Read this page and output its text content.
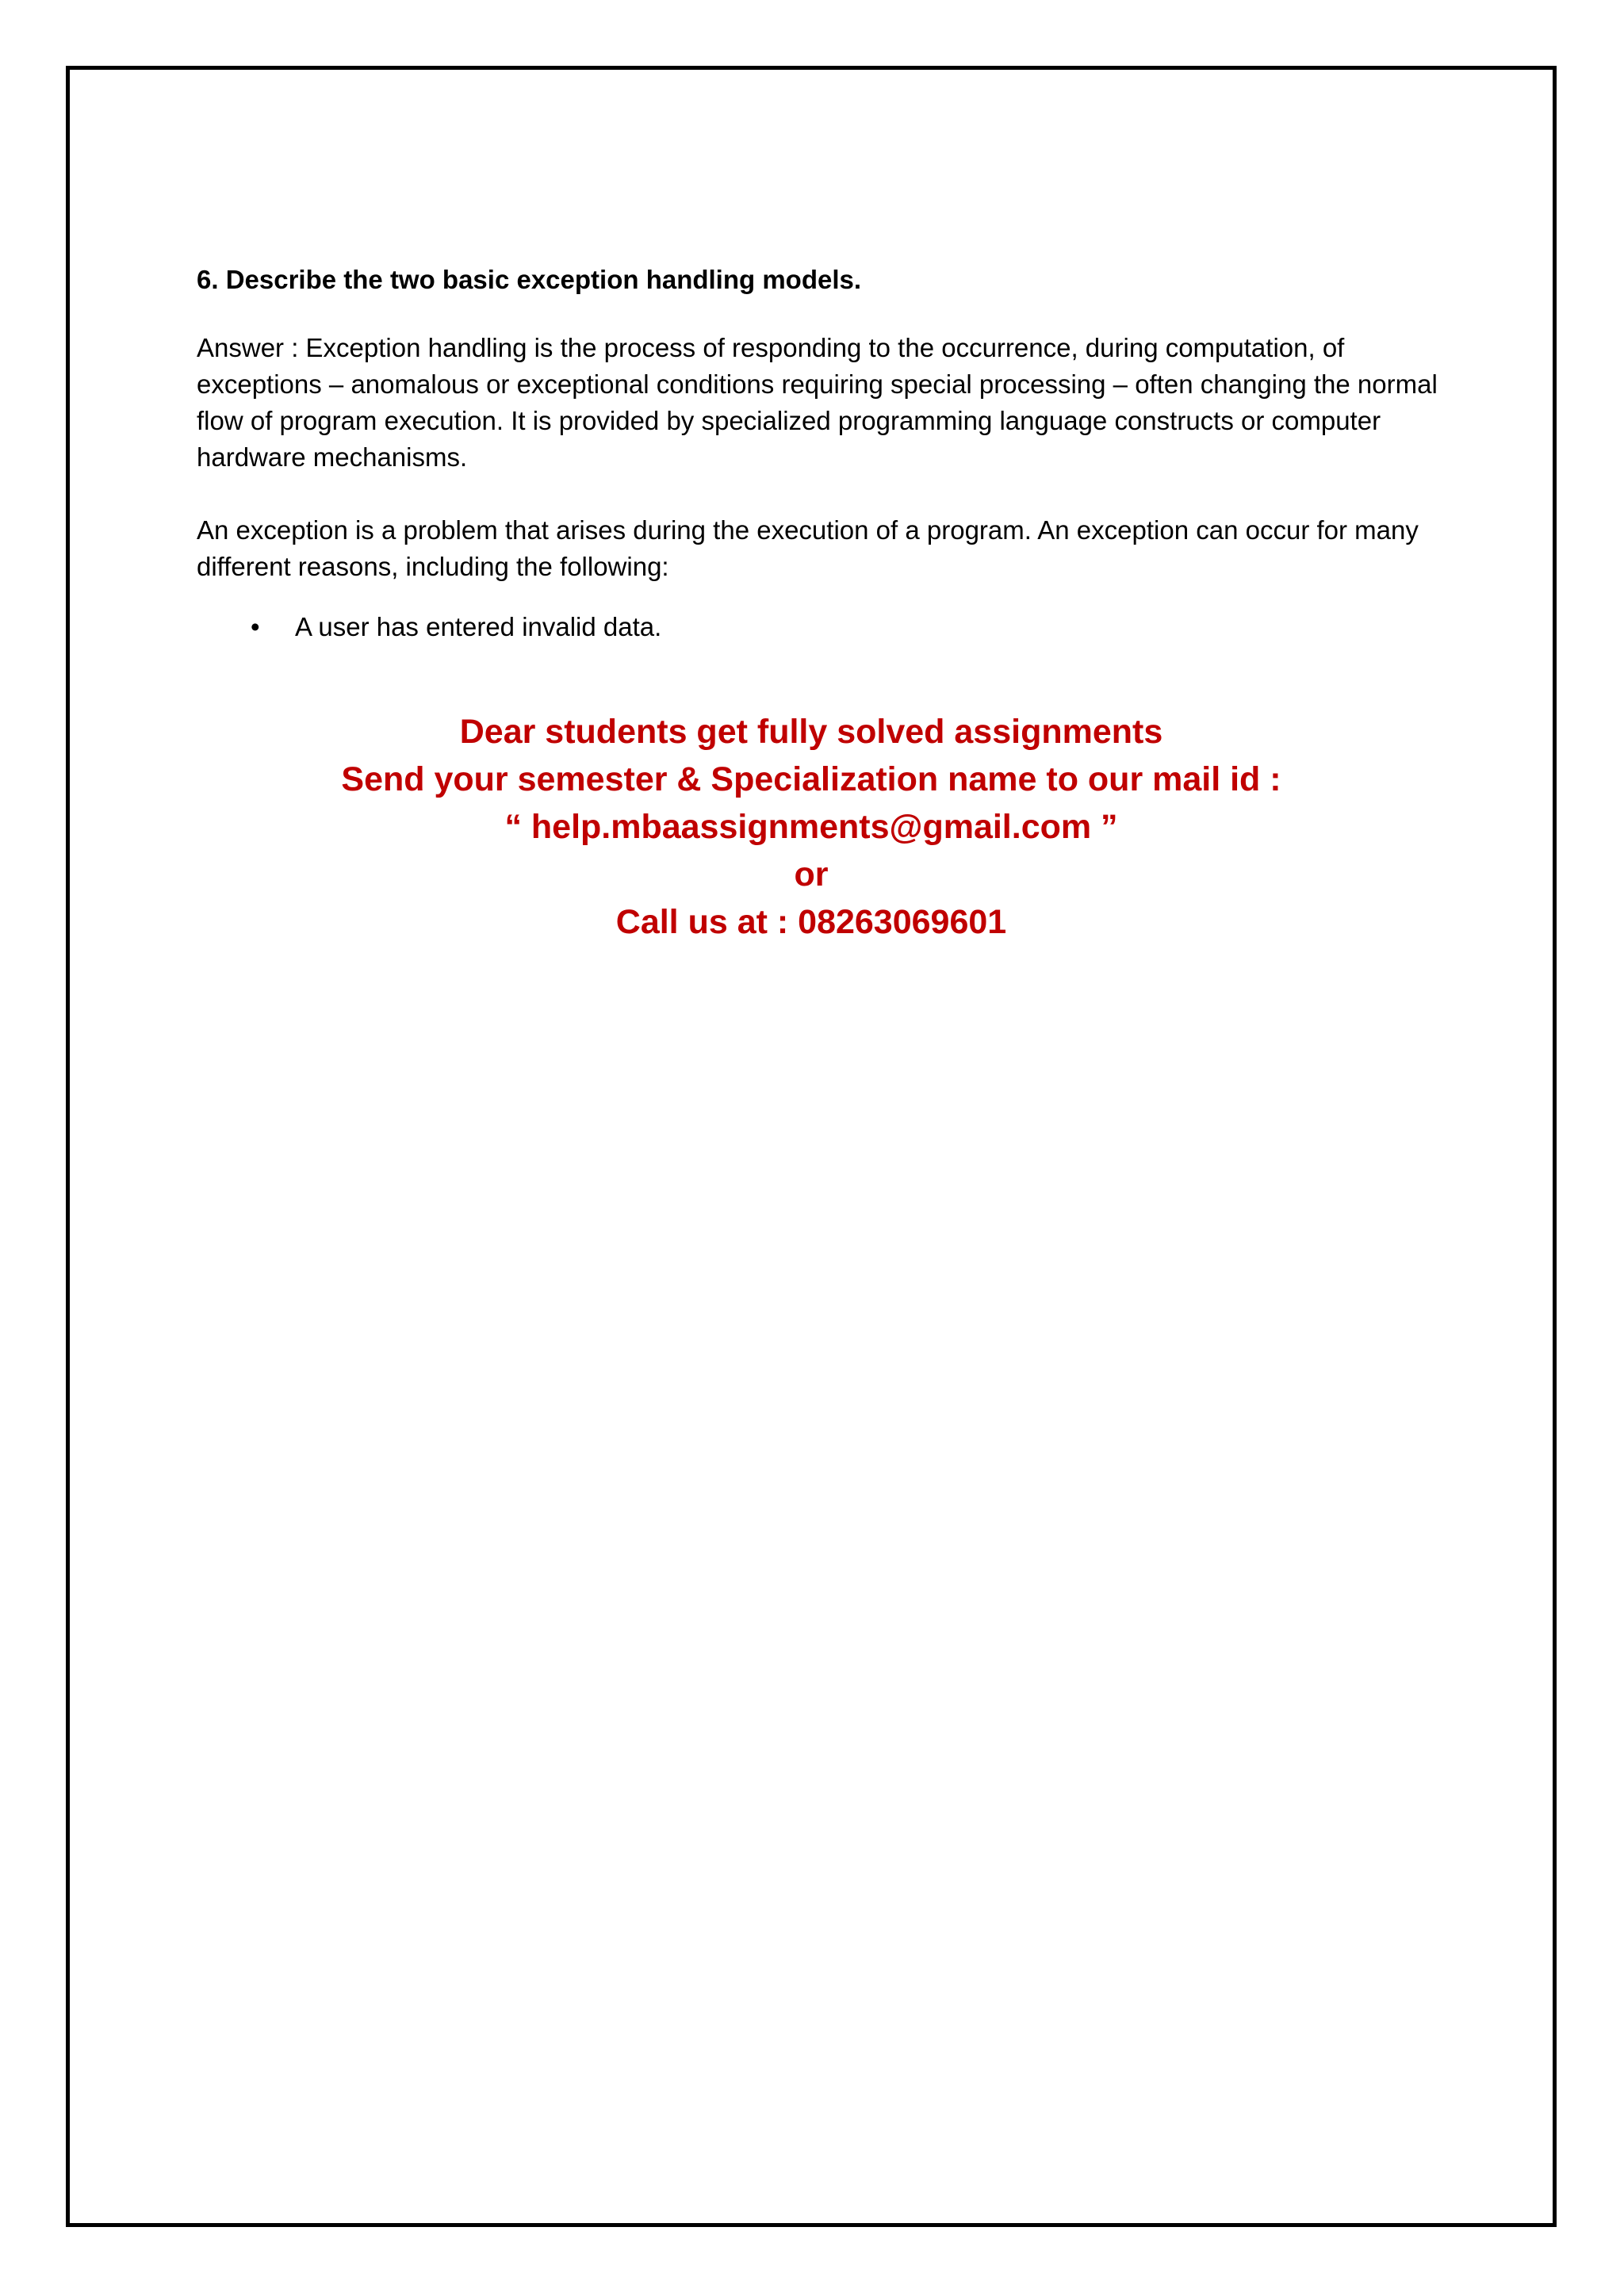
6. Describe the two basic exception handling models.

Answer : Exception handling is the process of responding to the occurrence, during computation, of exceptions – anomalous or exceptional conditions requiring special processing – often changing the normal flow of program execution. It is provided by specialized programming language constructs or computer hardware mechanisms.

An exception is a problem that arises during the execution of a program. An exception can occur for many different reasons, including the following:

• A user has entered invalid data.
Dear students get fully solved assignments
Send your semester & Specialization name to our mail id :
“ help.mbaassignments@gmail.com ”
or
Call us at : 08263069601
